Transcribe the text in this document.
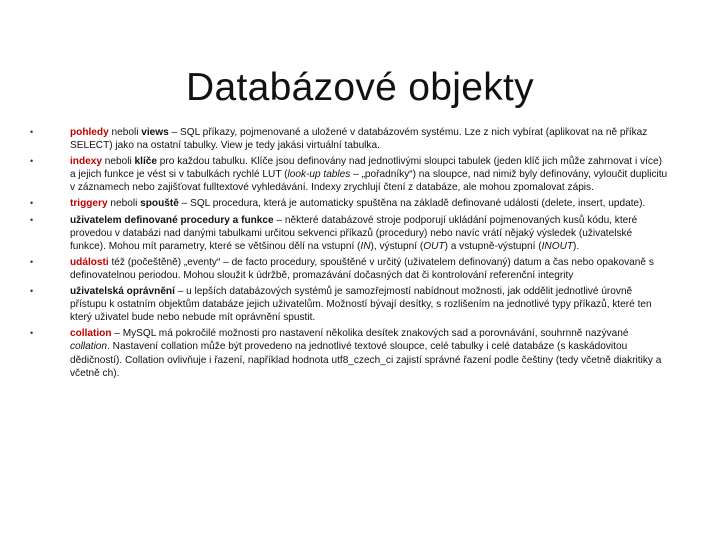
Databázové objekty
•	pohledy neboli views – SQL příkazy, pojmenované a uložené v databázovém systému. Lze z nich vybírat (aplikovat na ně příkaz SELECT) jako na ostatní tabulky. View je tedy jakási virtuální tabulka.
•	indexy neboli klíče pro každou tabulku. Klíče jsou definovány nad jednotlivými sloupci tabulek (jeden klíč jich může zahrnovat i více) a jejich funkce je vést si v tabulkách rychlé LUT (look-up tables – „pořadníky“) na sloupce, nad nimiž byly definovány, vyloučit duplicitu v záznamech nebo zajišťovat fulltextové vyhledávání. Indexy zrychlují čtení z databáze, ale mohou zpomalovat zápis.
•	triggery neboli spouště – SQL procedura, která je automaticky spuštěna na základě definované události (delete, insert, update).
•	uživatelem definované procedury a funkce – některé databázové stroje podporují ukládání pojmenovaných kusů kódu, které provedou v databázi nad danými tabulkami určitou sekvenci příkazů (procedury) nebo navíc vrátí nějaký výsledek (uživatelské funkce). Mohou mít parametry, které se většinou dělí na vstupní (IN), výstupní (OUT) a vstupně-výstupní (INOUT).
•	události též (počeštěně) „eventy“ – de facto procedury, spouštěné v určitý (uživatelem definovaný) datum a čas nebo opakovaně s definovatelnou periodou. Mohou sloužit k údržbě, promazávání dočasných dat či kontrolování referenční integrity
•	uživatelská oprávnění – u lepších databázových systémů je samozřejmostí nabídnout možnosti, jak oddělit jednotlivé úrovně přístupu k ostatním objektům databáze jejich uživatelům. Možností bývají desítky, s rozlišením na jednotlivé typy příkazů, které ten který uživatel bude nebo nebude mít oprávnění spustit.
•	collation – MySQL má pokročilé možnosti pro nastavení několika desítek znakových sad a porovnávání, souhrnně nazývané collation. Nastavení collation může být provedeno na jednotlivé textové sloupce, celé tabulky i celé databáze (s kaskádovitou dědičností). Collation ovlivňuje i řazení, například hodnota utf8_czech_ci zajistí správné řazení podle češtiny (tedy včetně diakritiky a včetně ch).
